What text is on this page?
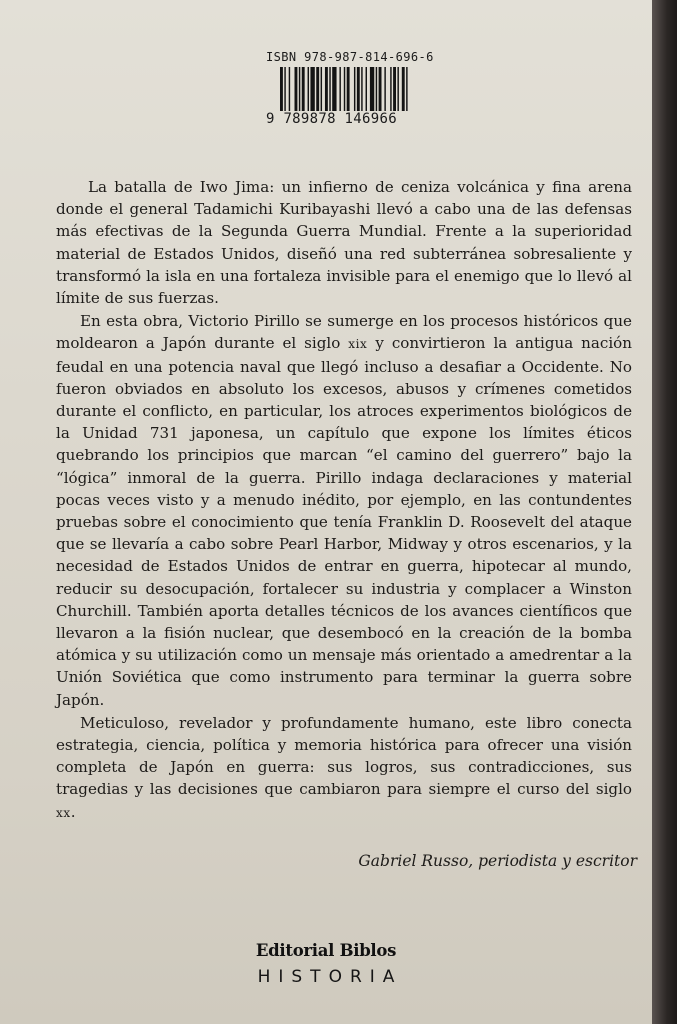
ISBN 978-987-814-696-6
9 789878 146966

La batalla de Iwo Jima: un infierno de ceniza volcánica y fina arena donde el general Tadamichi Kuribayashi llevó a cabo una de las defensas más efectivas de la Segunda Guerra Mundial. Frente a la superioridad material de Estados Unidos, diseñó una red subterránea sobresaliente y transformó la isla en una fortaleza invisible para el enemigo que lo llevó al límite de sus fuerzas.

En esta obra, Victorio Pirillo se sumerge en los procesos históricos que moldearon a Japón durante el siglo xix y convirtieron la antigua nación feudal en una potencia naval que llegó incluso a desafiar a Occidente. No fueron obviados en absoluto los excesos, abusos y crímenes cometidos durante el conflicto, en particular, los atroces experimentos biológicos de la Unidad 731 japonesa, un capítulo que expone los límites éticos quebrando los principios que marcan “el camino del guerrero” bajo la “lógica” inmoral de la guerra. Pirillo indaga declaraciones y material pocas veces visto y a menudo inédito, por ejemplo, en las contundentes pruebas sobre el conocimiento que tenía Franklin D. Roosevelt del ataque que se llevaría a cabo sobre Pearl Harbor, Midway y otros escenarios, y la necesidad de Estados Unidos de entrar en guerra, hipotecar al mundo, reducir su desocupación, fortalecer su industria y complacer a Winston Churchill. También aporta detalles técnicos de los avances científicos que llevaron a la fisión nuclear, que desembocó en la creación de la bomba atómica y su utilización como un mensaje más orientado a amedrentar a la Unión Soviética que como instrumento para terminar la guerra sobre Japón.

Meticuloso, revelador y profundamente humano, este libro conecta estrategia, ciencia, política y memoria histórica para ofrecer una visión completa de Japón en guerra: sus logros, sus contradicciones, sus tragedias y las decisiones que cambiaron para siempre el curso del siglo xx.

Gabriel Russo, periodista y escritor
Editorial Biblos
HISTORIA
